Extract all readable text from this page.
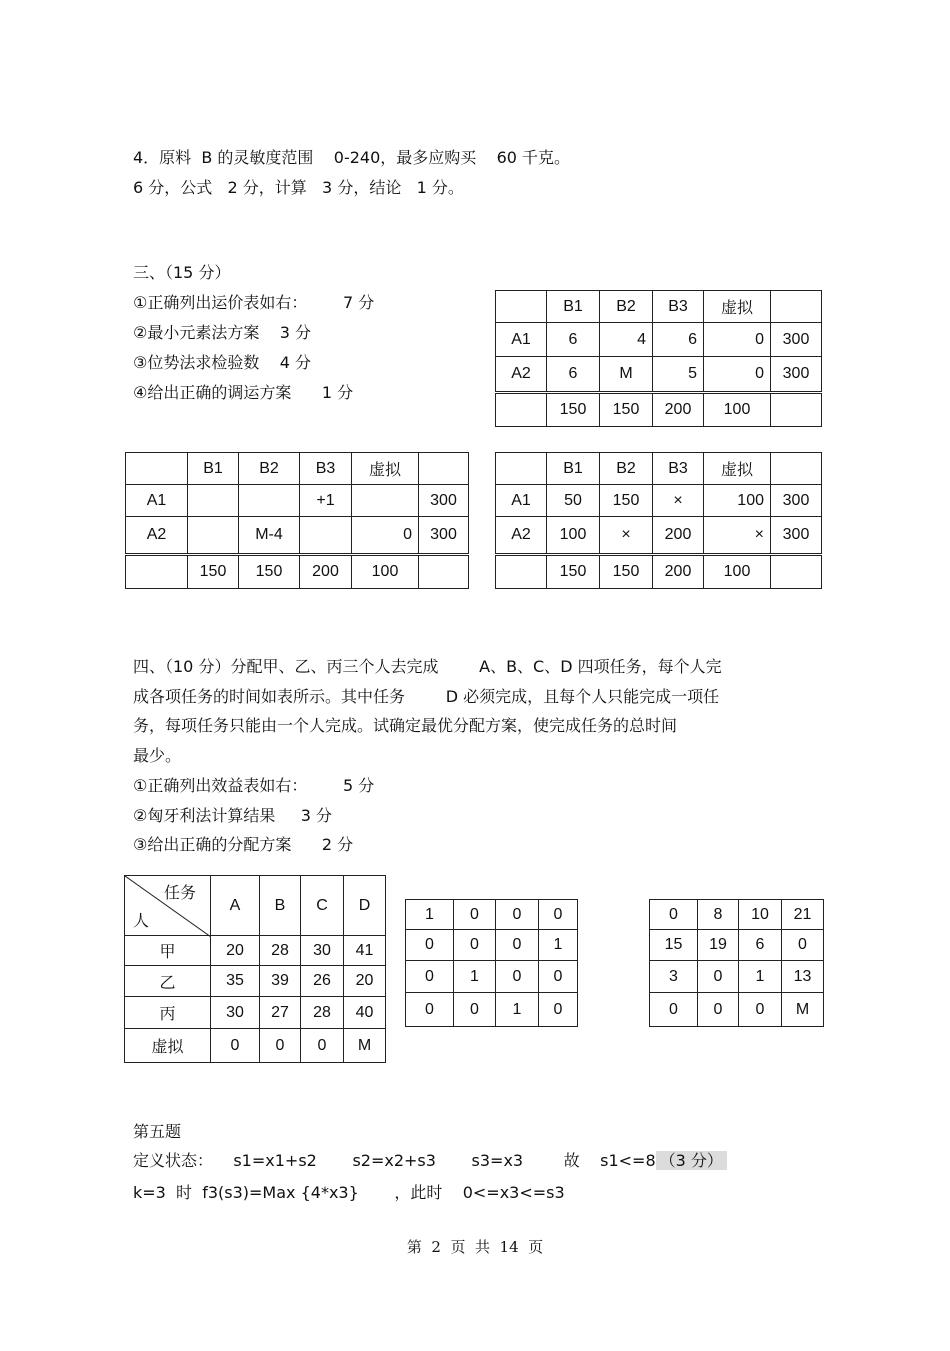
4．原料  B 的灵敏度范围    0-240，最多应购买    60 千克。
6 分，公式   2 分，计算   3 分，结论   1 分。
三、（15 分）
①正确列出运价表如右：       7 分
②最小元素法方案    3 分
③位势法求检验数    4 分
④给出正确的调运方案      1 分
	B1	B2	B3	虚拟	
A1	6	4	6	0	300
A2	6	M	5	0	300
	150	150	200	100	
	B1	B2	B3	虚拟	
A1			+1		300
A2		M-4		0	300
	150	150	200	100	
	B1	B2	B3	虚拟	
A1	50	150	×	100	300
A2	100	×	200	×	300
	150	150	200	100	
四、（10 分）分配甲、乙、丙三个人去完成        A、B、C、D 四项任务，每个人完
成各项任务的时间如表所示。其中任务        D 必须完成，且每个人只能完成一项任
务，每项任务只能由一个人完成。试确定最优分配方案，使完成任务的总时间
最少。
①正确列出效益表如右：       5 分
②匈牙利法计算结果     3 分
③给出正确的分配方案      2 分
任务
人	A	B	C	D
甲	20	28	30	41
乙	35	39	26	20
丙	30	27	28	40
虚拟	0	0	0	M
1	0	0	0
0	0	0	1
0	1	0	0
0	0	1	0
0	8	10	21
15	19	6	0
3	0	1	13
0	0	0	M
第五题
定义状态：    s1=x1+s2       s2=x2+s3       s3=x3        故    s1<=8 （3 分）
k=3  时  f3(s3)=Max {4*x3}       ，此时    0<=x3<=s3
第  2  页  共  14  页
